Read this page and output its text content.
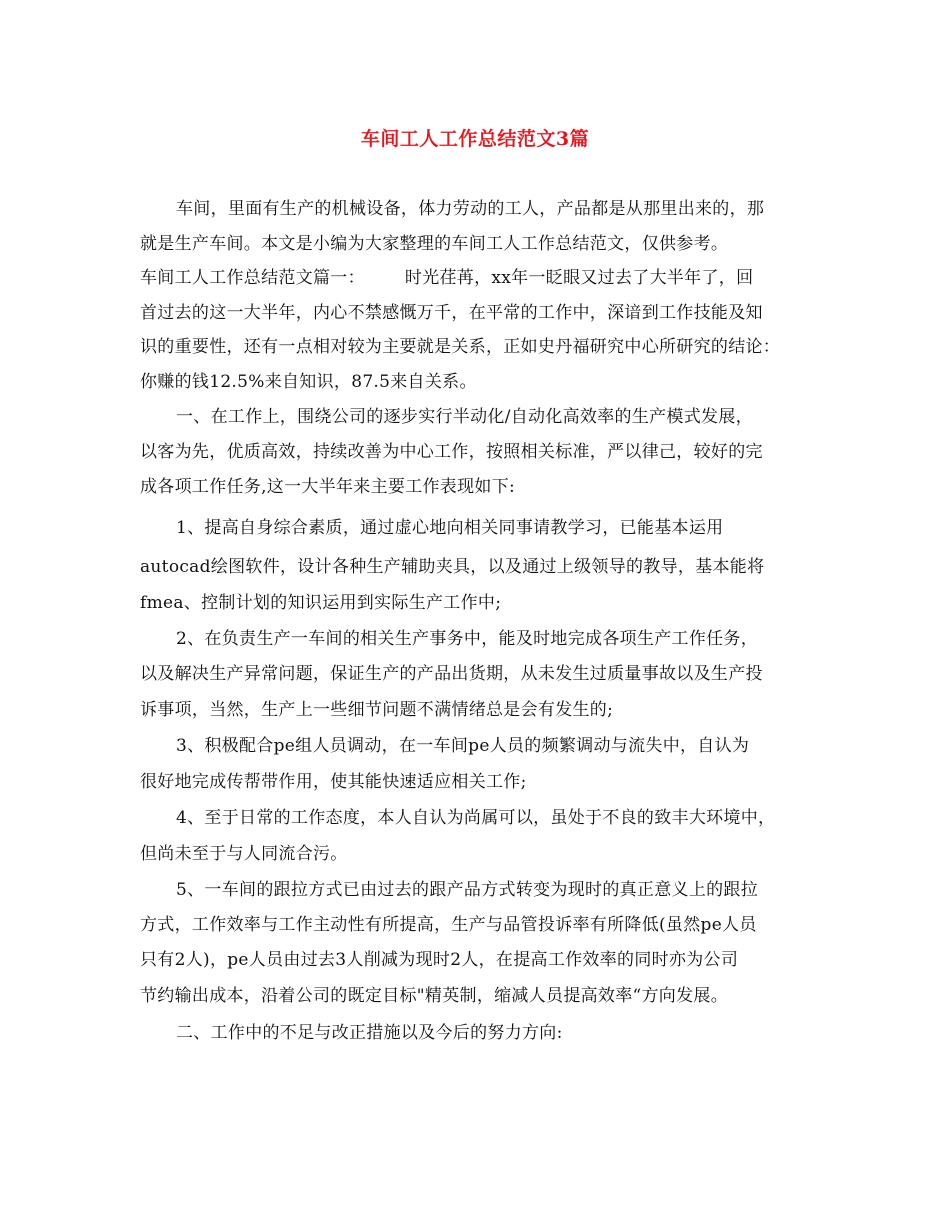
车间工人工作总结范文3篇
车间，里面有生产的机械设备，体力劳动的工人，产品都是从那里出来的，那
就是生产车间。本文是小编为大家整理的车间工人工作总结范文，仅供参考。
车间工人工作总结范文篇一： 时光荏苒，xx年一眨眼又过去了大半年了，回
首过去的这一大半年，内心不禁感慨万千，在平常的工作中，深谙到工作技能及知
识的重要性，还有一点相对较为主要就是关系，正如史丹福研究中心所研究的结论：
你赚的钱12.5%来自知识，87.5来自关系。
一、在工作上，围绕公司的逐步实行半动化/自动化高效率的生产模式发展，
以客为先，优质高效，持续改善为中心工作，按照相关标准，严以律己，较好的完
成各项工作任务,这一大半年来主要工作表现如下:
1、提高自身综合素质，通过虚心地向相关同事请教学习，已能基本运用
autocad绘图软件，设计各种生产辅助夹具，以及通过上级领导的教导，基本能将
fmea、控制计划的知识运用到实际生产工作中;
2、在负责生产一车间的相关生产事务中，能及时地完成各项生产工作任务，
以及解决生产异常问题，保证生产的产品出货期，从未发生过质量事故以及生产投
诉事项，当然，生产上一些细节问题不满情绪总是会有发生的;
3、积极配合pe组人员调动，在一车间pe人员的频繁调动与流失中，自认为
很好地完成传帮带作用，使其能快速适应相关工作;
4、至于日常的工作态度，本人自认为尚属可以，虽处于不良的致丰大环境中，
但尚未至于与人同流合污。
5、一车间的跟拉方式已由过去的跟产品方式转变为现时的真正意义上的跟拉
方式，工作效率与工作主动性有所提高，生产与品管投诉率有所降低(虽然pe人员
只有2人)，pe人员由过去3人削减为现时2人，在提高工作效率的同时亦为公司
节约输出成本，沿着公司的既定目标"精英制，缩减人员提高效率“方向发展。
二、工作中的不足与改正措施以及今后的努力方向:
